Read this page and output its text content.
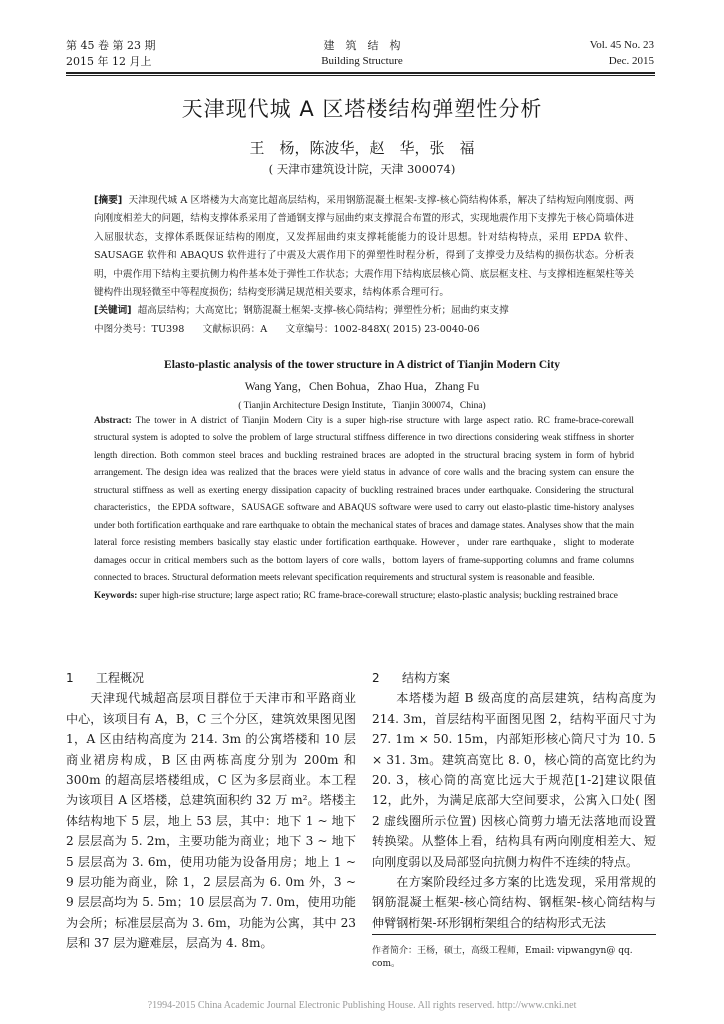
第 45 卷 第 23 期
2015 年 12 月上
建　筑　结　构
Building Structure
Vol. 45 No. 23
Dec. 2015
天津现代城 A 区塔楼结构弹塑性分析
王　杨，陈波华，赵　华，张　福
( 天津市建筑设计院，天津 300074)

[摘要] 天津现代城 A 区塔楼为大高宽比超高层结构，采用钢筋混凝土框架-支撑-核心筒结构体系，解决了结构短向刚度弱、两向刚度相差大的问题，结构支撑体系采用了普通钢支撑与屈曲约束支撑混合布置的形式，实现地震作用下支撑先于核心筒墙体进入屈服状态，支撑体系既保证结构的刚度，又发挥屈曲约束支撑耗能能力的设计思想。针对结构特点，采用 EPDA 软件、SAUSAGE 软件和 ABAQUS 软件进行了中震及大震作用下的弹塑性时程分析，得到了支撑受力及结构的损伤状态。分析表明，中震作用下结构主要抗侧力构件基本处于弹性工作状态；大震作用下结构底层核心筒、底层框支柱、与支撑相连框架柱等关键构件出现轻微至中等程度损伤；结构变形满足规范相关要求，结构体系合理可行。

[关键词] 超高层结构；大高宽比；钢筋混凝土框架-支撑-核心筒结构；弹塑性分析；屈曲约束支撑

中图分类号：TU398 文献标识码：A 文章编号：1002-848X( 2015) 23-0040-06

Elasto-plastic analysis of the tower structure in A district of Tianjin Modern City
Wang Yang，Chen Bohua，Zhao Hua，Zhang Fu
( Tianjin Architecture Design Institute，Tianjin 300074，China)

Abstract: The tower in A district of Tianjin Modern City is a super high-rise structure with large aspect ratio. RC frame-brace-corewall structural system is adopted to solve the problem of large structural stiffness difference in two directions considering weak stiffness in shorter length direction. Both common steel braces and buckling restrained braces are adopted in the structural bracing system in form of hybrid arrangement. The design idea was realized that the braces were yield status in advance of core walls and the bracing system can ensure the structural stiffness as well as exerting energy dissipation capacity of buckling restrained braces under earthquake. Considering the structural characteristics，the EPDA software，SAUSAGE software and ABAQUS software were used to carry out elasto-plastic time-history analyses under both fortification earthquake and rare earthquake to obtain the mechanical states of braces and damage states. Analyses show that the main lateral force resisting members basically stay elastic under fortification earthquake. However，under rare earthquake，slight to moderate damages occur in critical members such as the bottom layers of core walls，bottom layers of frame-supporting columns and frame columns connected to braces. Structural deformation meets relevant specification requirements and structural system is reasonable and feasible.

Keywords: super high-rise structure; large aspect ratio; RC frame-brace-corewall structure; elasto-plastic analysis; buckling restrained brace

1 工程概况

天津现代城超高层项目群位于天津市和平路商业中心，该项目有 A，B，C 三个分区，建筑效果图见图 1，A 区由结构高度为 214. 3m 的公寓塔楼和 10 层商业裙房构成，B 区由两栋高度分别为 200m 和 300m 的超高层塔楼组成，C 区为多层商业。本工程为该项目 A 区塔楼，总建筑面积约 32 万 m²。塔楼主体结构地下 5 层，地上 53 层，其中：地下 1 ~ 地下 2 层层高为 5. 2m，主要功能为商业；地下 3 ~ 地下 5 层层高为 3. 6m，使用功能为设备用房；地上 1 ~ 9 层功能为商业，除 1，2 层层高为 6. 0m 外，3 ~ 9 层层高均为 5. 5m；10 层层高为 7. 0m，使用功能为会所；标准层层高为 3. 6m，功能为公寓，其中 23 层和 37 层为避难层，层高为 4. 8m。

2 结构方案

本塔楼为超 B 级高度的高层建筑，结构高度为 214. 3m，首层结构平面图见图 2，结构平面尺寸为 27. 1m × 50. 15m，内部矩形核心筒尺寸为 10. 5 × 31. 3m。建筑高宽比 8. 0，核心筒的高宽比约为 20. 3，核心筒的高宽比远大于规范[1-2]建议限值 12，此外，为满足底部大空间要求，公寓入口处( 图 2 虚线圈所示位置) 因核心筒剪力墙无法落地而设置转换梁。从整体上看，结构具有两向刚度相差大、短向刚度弱以及局部竖向抗侧力构件不连续的特点。

在方案阶段经过多方案的比选发现，采用常规的钢筋混凝土框架-核心筒结构、钢框架-核心筒结构与伸臂钢桁架-环形钢桁架组合的结构形式无法

作者简介：王杨，硕士，高级工程师，Email: vipwangyn@ qq. com。
?1994-2015 China Academic Journal Electronic Publishing House. All rights reserved. http://www.cnki.net
